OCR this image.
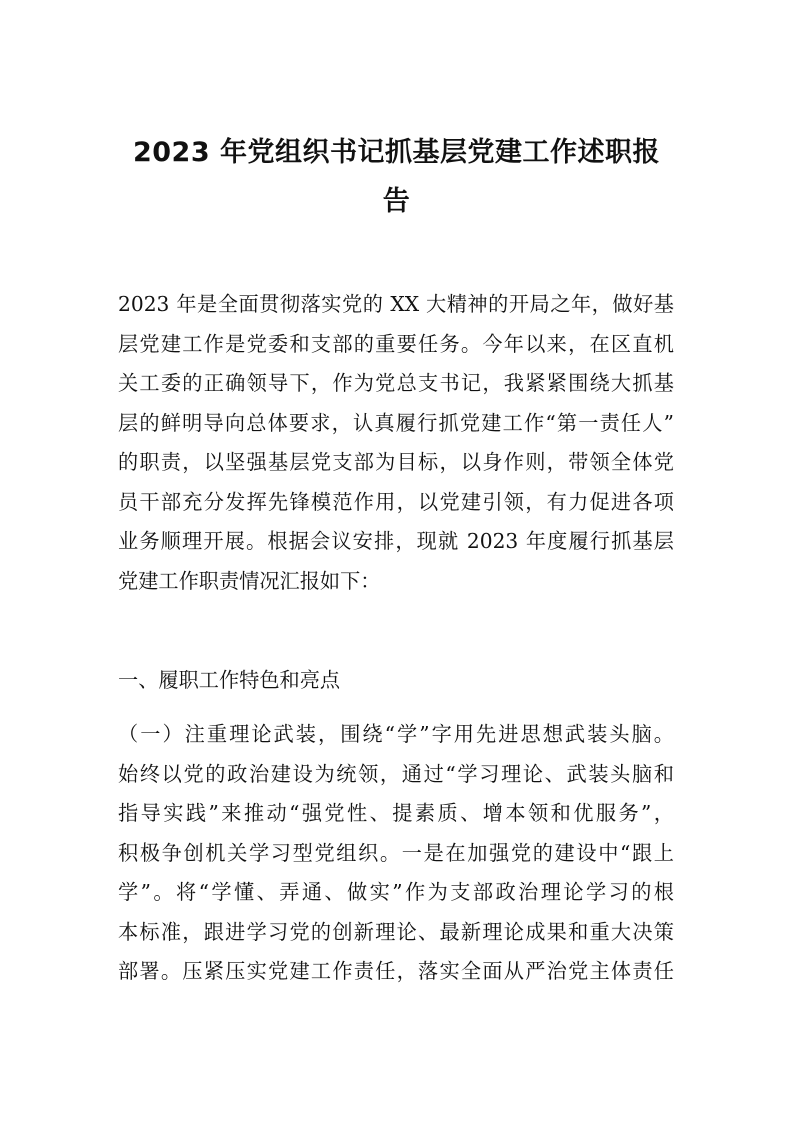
2023 年党组织书记抓基层党建工作述职报
告

2023 年是全面贯彻落实党的 XX 大精神的开局之年，做好基
层党建工作是党委和支部的重要任务。今年以来，在区直机
关工委的正确领导下，作为党总支书记，我紧紧围绕大抓基
层的鲜明导向总体要求，认真履行抓党建工作“第一责任人”
的职责，以坚强基层党支部为目标，以身作则，带领全体党
员干部充分发挥先锋模范作用，以党建引领，有力促进各项
业务顺理开展。根据会议安排，现就 2023 年度履行抓基层
党建工作职责情况汇报如下：

一、履职工作特色和亮点

（一）注重理论武装，围绕“学”字用先进思想武装头脑。
始终以党的政治建设为统领，通过“学习理论、武装头脑和
指导实践”来推动“强党性、提素质、增本领和优服务”，
积极争创机关学习型党组织。一是在加强党的建设中“跟上
学”。将“学懂、弄通、做实”作为支部政治理论学习的根
本标准，跟进学习党的创新理论、最新理论成果和重大决策
部署。压紧压实党建工作责任，落实全面从严治党主体责任
